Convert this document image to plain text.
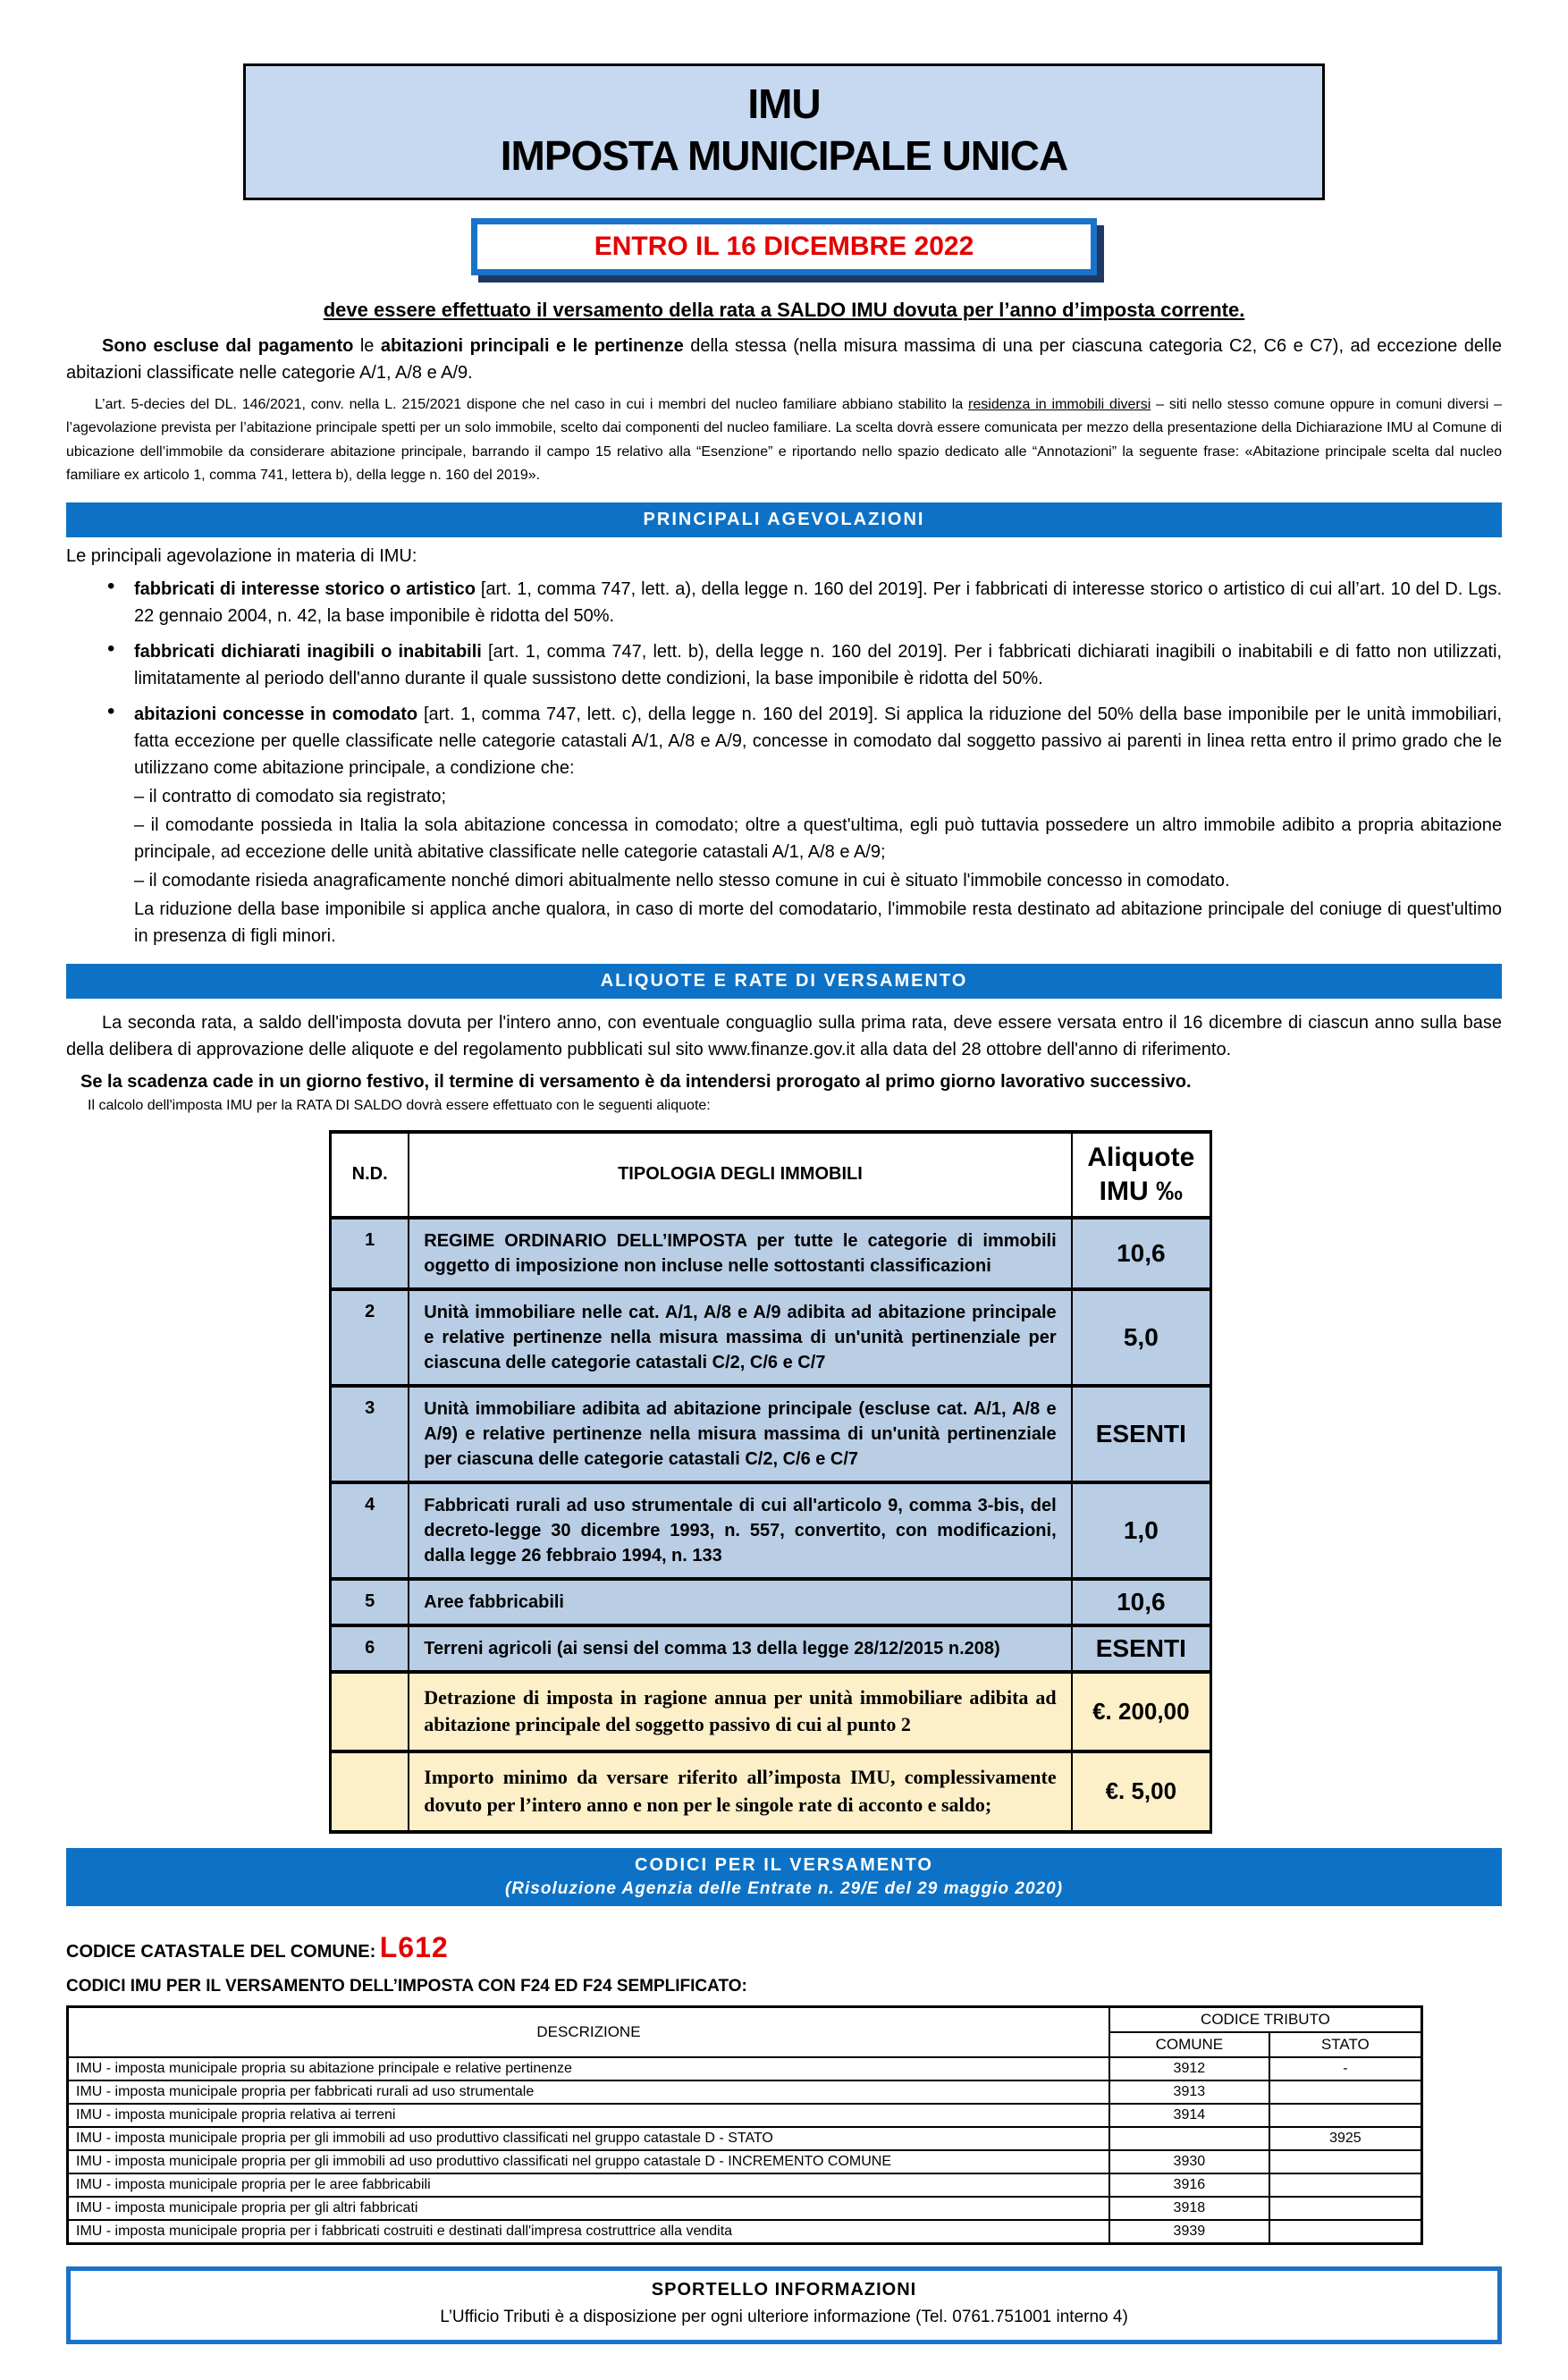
IMU
IMPOSTA MUNICIPALE UNICA
ENTRO IL 16 DICEMBRE 2022

deve essere effettuato il versamento della rata a SALDO IMU dovuta per l’anno d’imposta corrente.

Sono escluse dal pagamento le abitazioni principali e le pertinenze della stessa (nella misura massima di una per ciascuna categoria C2, C6 e C7), ad eccezione delle abitazioni classificate nelle categorie A/1, A/8 e A/9.

L’art. 5-decies del DL. 146/2021, conv. nella L. 215/2021 dispone che nel caso in cui i membri del nucleo familiare abbiano stabilito la residenza in immobili diversi – siti nello stesso comune oppure in comuni diversi – l’agevolazione prevista per l’abitazione principale spetti per un solo immobile, scelto dai componenti del nucleo familiare. La scelta dovrà essere comunicata per mezzo della presentazione della Dichiarazione IMU al Comune di ubicazione dell’immobile da considerare abitazione principale, barrando il campo 15 relativo alla “Esenzione” e riportando nello spazio dedicato alle “Annotazioni” la seguente frase: «Abitazione principale scelta dal nucleo familiare ex articolo 1, comma 741, lettera b), della legge n. 160 del 2019».

PRINCIPALI AGEVOLAZIONI

Le principali agevolazione in materia di IMU:

• fabbricati di interesse storico o artistico [art. 1, comma 747, lett. a), della legge n. 160 del 2019]. Per i fabbricati di interesse storico o artistico di cui all’art. 10 del D. Lgs. 22 gennaio 2004, n. 42, la base imponibile è ridotta del 50%.

• fabbricati dichiarati inagibili o inabitabili [art. 1, comma 747, lett. b), della legge n. 160 del 2019]. Per i fabbricati dichiarati inagibili o inabitabili e di fatto non utilizzati, limitatamente al periodo dell'anno durante il quale sussistono dette condizioni, la base imponibile è ridotta del 50%.

• abitazioni concesse in comodato [art. 1, comma 747, lett. c), della legge n. 160 del 2019]. Si applica la riduzione del 50% della base imponibile per le unità immobiliari, fatta eccezione per quelle classificate nelle categorie catastali A/1, A/8 e A/9, concesse in comodato dal soggetto passivo ai parenti in linea retta entro il primo grado che le utilizzano come abitazione principale, a condizione che:

– il contratto di comodato sia registrato;

– il comodante possieda in Italia la sola abitazione concessa in comodato; oltre a quest'ultima, egli può tuttavia possedere un altro immobile adibito a propria abitazione principale, ad eccezione delle unità abitative classificate nelle categorie catastali A/1, A/8 e A/9;

– il comodante risieda anagraficamente nonché dimori abitualmente nello stesso comune in cui è situato l'immobile concesso in comodato.

La riduzione della base imponibile si applica anche qualora, in caso di morte del comodatario, l'immobile resta destinato ad abitazione principale del coniuge di quest'ultimo in presenza di figli minori.

ALIQUOTE E RATE DI VERSAMENTO

La seconda rata, a saldo dell'imposta dovuta per l'intero anno, con eventuale conguaglio sulla prima rata, deve essere versata entro il 16 dicembre di ciascun anno sulla base della delibera di approvazione delle aliquote e del regolamento pubblicati sul sito www.finanze.gov.it alla data del 28 ottobre dell'anno di riferimento.

Se la scadenza cade in un giorno festivo, il termine di versamento è da intendersi prorogato al primo giorno lavorativo successivo.

Il calcolo dell'imposta IMU per la RATA DI SALDO dovrà essere effettuato con le seguenti aliquote:

N.D.	TIPOLOGIA DEGLI IMMOBILI	Aliquote
IMU ‰

1	REGIME ORDINARIO DELL’IMPOSTA per tutte le categorie di immobili oggetto di imposizione non incluse nelle sottostanti classificazioni	10,6
2	Unità immobiliare nelle cat. A/1, A/8 e A/9 adibita ad abitazione principale e relative pertinenze nella misura massima di un'unità pertinenziale per ciascuna delle categorie catastali C/2, C/6 e C/7	5,0
3	Unità immobiliare adibita ad abitazione principale (escluse cat. A/1, A/8 e A/9) e relative pertinenze nella misura massima di un'unità pertinenziale per ciascuna delle categorie catastali C/2, C/6 e C/7	ESENTI
4	Fabbricati rurali ad uso strumentale di cui all'articolo 9, comma 3-bis, del decreto-legge 30 dicembre 1993, n. 557, convertito, con modificazioni, dalla legge 26 febbraio 1994, n. 133	1,0
5	Aree fabbricabili	10,6
6	Terreni agricoli (ai sensi del comma 13 della legge 28/12/2015 n.208)	ESENTI
	Detrazione di imposta in ragione annua per unità immobiliare adibita ad abitazione principale del soggetto passivo di cui al punto 2	€. 200,00
	Importo minimo da versare riferito all’imposta IMU, complessivamente dovuto per l’intero anno e non per le singole rate di acconto e saldo;	€. 5,00
CODICI PER IL VERSAMENTO
(Risoluzione Agenzia delle Entrate n. 29/E del 29 maggio 2020)

CODICE CATASTALE DEL COMUNE: L612

CODICI IMU PER IL VERSAMENTO DELL’IMPOSTA CON F24 ED F24 SEMPLIFICATO:

DESCRIZIONE	CODICE TRIBUTO	
	COMUNE	STATO
IMU - imposta municipale propria su abitazione principale e relative pertinenze	3912	-
IMU - imposta municipale propria per fabbricati rurali ad uso strumentale	3913	
IMU - imposta municipale propria relativa ai terreni	3914	
IMU - imposta municipale propria per gli immobili ad uso produttivo classificati nel gruppo catastale D - STATO		3925
IMU - imposta municipale propria per gli immobili ad uso produttivo classificati nel gruppo catastale D - INCREMENTO COMUNE	3930	
IMU - imposta municipale propria per le aree fabbricabili	3916	
IMU - imposta municipale propria per gli altri fabbricati	3918	
IMU - imposta municipale propria per i fabbricati costruiti e destinati dall'impresa costruttrice alla vendita	3939	
SPORTELLO INFORMAZIONI
L’Ufficio Tributi è a disposizione per ogni ulteriore informazione (Tel. 0761.751001 interno 4)
